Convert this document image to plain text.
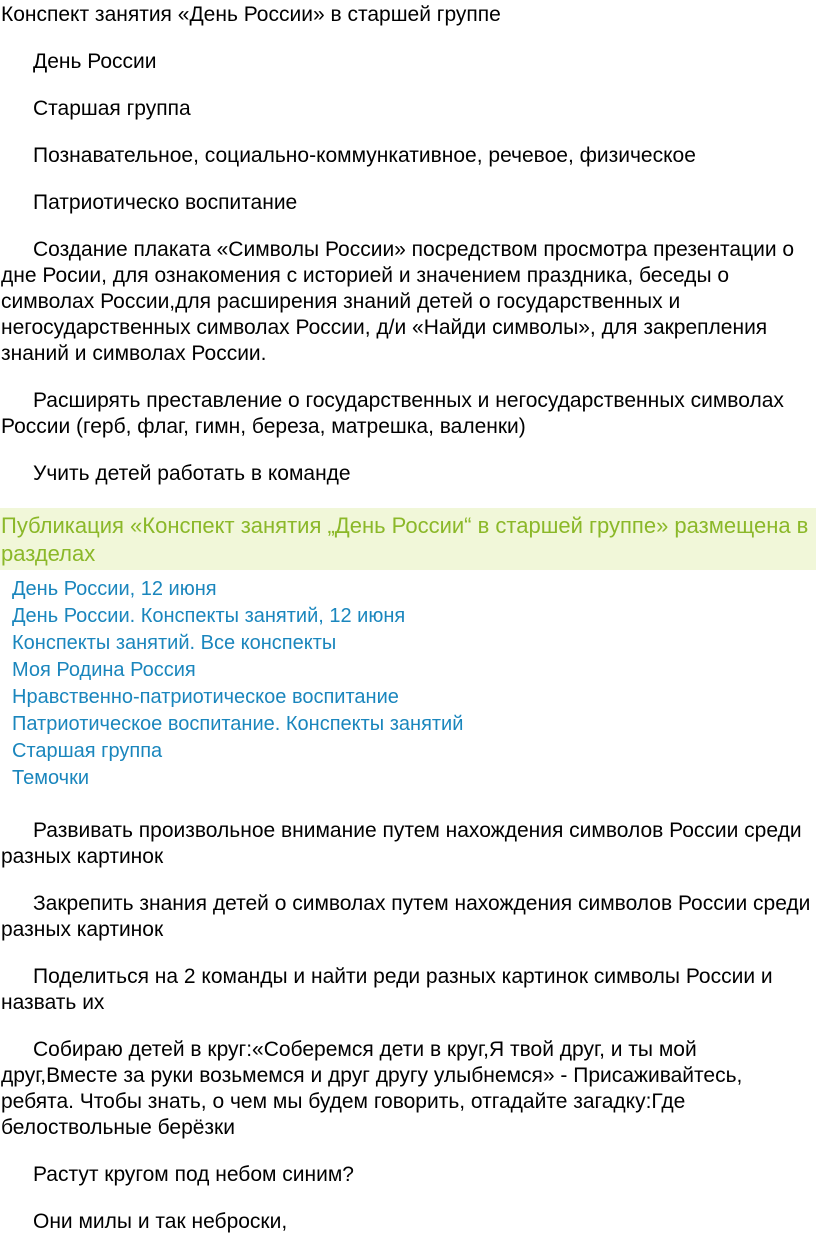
Конспект занятия «День России» в старшей группе
День России
Старшая группа
Познавательное, социально-коммункативное, речевое, физическое
Патриотическо воспитание
Создание плаката «Символы России» посредством просмотра презентации о дне Росии, для ознакомения с историей и значением праздника, беседы о символах России,для расширения знаний детей о государственных и негосударственных символах России, д/и «Найди символы», для закрепления знаний и символах России.
Расширять преставление о государственных и негосударственных символах России (герб, флаг, гимн, береза, матрешка, валенки)
Учить детей работать в команде
Публикация «Конспект занятия „День России“ в старшей группе» размещена в разделах
День России, 12 июня
День России. Конспекты занятий, 12 июня
Конспекты занятий. Все конспекты
Моя Родина Россия
Нравственно-патриотическое воспитание
Патриотическое воспитание. Конспекты занятий
Старшая группа
Темочки
Развивать произвольное внимание путем нахождения символов России среди разных картинок
Закрепить знания детей о символах путем нахождения символов России среди разных картинок
Поделиться на 2 команды и найти реди разных картинок символы России и назвать их
Собираю детей в круг:«Соберемся дети в круг,Я твой друг, и ты мой друг,Вместе за руки возьмемся и друг другу улыбнемся» - Присаживайтесь, ребята. Чтобы знать, о чем мы будем говорить, отгадайте загадку:Где белоствольные берёзки
Растут кругом под небом синим?
Они милы и так неброски,
